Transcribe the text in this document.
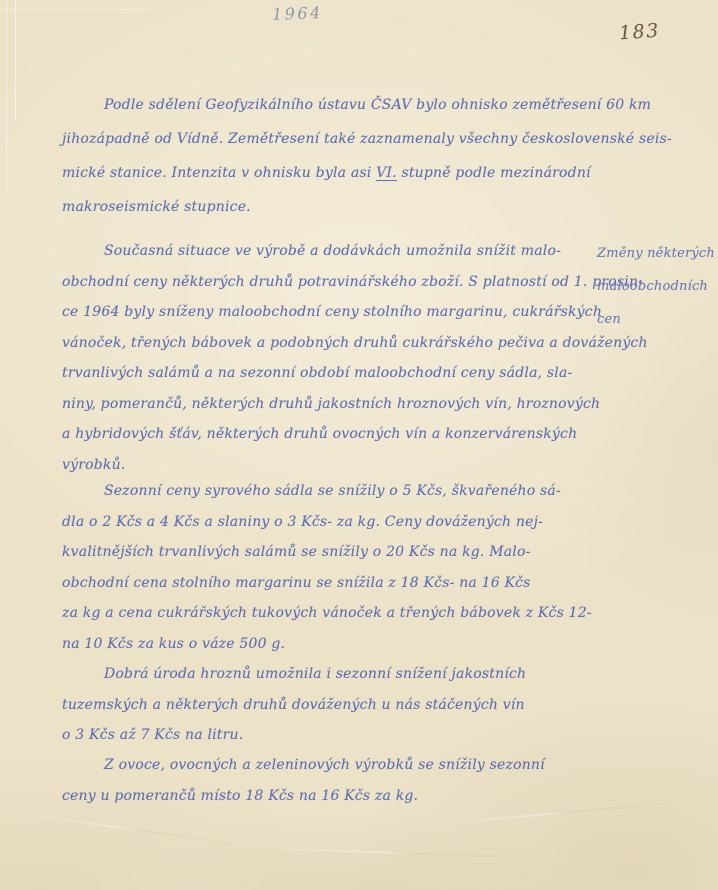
1964
183
Podle sdělení Geofyzikálního ústavu ČSAV bylo ohnisko zemětřesení 60 km
jihozápadně od Vídně. Zemětřesení také zaznamenaly všechny československé seis-
mické stanice. Intenzita v ohnisku byla asi VI. stupně podle mezinárodní
makroseismické stupnice.
Současná situace ve výrobě a dodávkách umožnila snížit malo-
obchodní ceny některých druhů potravinářského zboží. S platností od 1. prosin-
ce 1964 byly sníženy maloobchodní ceny stolního margarinu, cukrářských
vánoček, třených bábovek a podobných druhů cukrářského pečiva a dovážených
trvanlivých salámů a na sezonní období maloobchodní ceny sádla, sla-
niny, pomerančů, některých druhů jakostních hroznových vín, hroznových
a hybridových šťáv, některých druhů ovocných vín a konzervárenských
výrobků.
Změny některých
maloobchodních
cen
Sezonní ceny syrového sádla se snížily o 5 Kčs, škvařeného sá-
dla o 2 Kčs a 4 Kčs a slaniny o 3 Kčs- za kg. Ceny dovážených nej-
kvalitnějších trvanlivých salámů se snížily o 20 Kčs na kg. Malo-
obchodní cena stolního margarinu se snížila z 18 Kčs- na 16 Kčs
za kg a cena cukrářských tukových vánoček a třených bábovek z Kčs 12-
na 10 Kčs za kus o váze 500 g.
Dobrá úroda hroznů umožnila i sezonní snížení jakostních
tuzemských a některých druhů dovážených u nás stáčených vín
o 3 Kčs až 7 Kčs na litru.
Z ovoce, ovocných a zeleninových výrobků se snížily sezonní
ceny u pomerančů místo 18 Kčs na 16 Kčs za kg.
